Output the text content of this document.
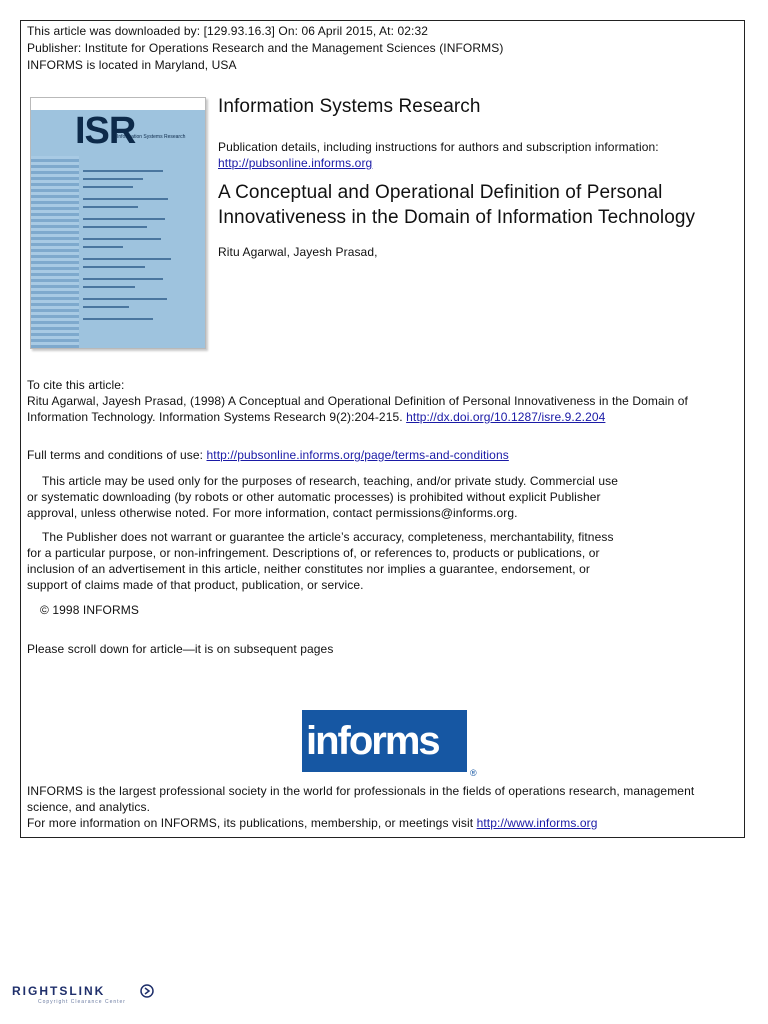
This article was downloaded by: [129.93.16.3] On: 06 April 2015, At: 02:32
Publisher: Institute for Operations Research and the Management Sciences (INFORMS)
INFORMS is located in Maryland, USA
ISR
Information Systems Research
Information Systems Research
Publication details, including instructions for authors and subscription information:
http://pubsonline.informs.org
A Conceptual and Operational Definition of Personal
Innovativeness in the Domain of Information Technology
Ritu Agarwal, Jayesh Prasad,
To cite this article:
Ritu Agarwal, Jayesh Prasad, (1998) A Conceptual and Operational Definition of Personal Innovativeness in the Domain of
Information Technology. Information Systems Research 9(2):204-215. http://dx.doi.org/10.1287/isre.9.2.204
Full terms and conditions of use: http://pubsonline.informs.org/page/terms-and-conditions
This article may be used only for the purposes of research, teaching, and/or private study. Commercial use
or systematic downloading (by robots or other automatic processes) is prohibited without explicit Publisher
approval, unless otherwise noted. For more information, contact permissions@informs.org.
The Publisher does not warrant or guarantee the article’s accuracy, completeness, merchantability, fitness
for a particular purpose, or non-infringement. Descriptions of, or references to, products or publications, or
inclusion of an advertisement in this article, neither constitutes nor implies a guarantee, endorsement, or
support of claims made of that product, publication, or service.
© 1998 INFORMS
Please scroll down for article—it is on subsequent pages
informs
®
INFORMS is the largest professional society in the world for professionals in the fields of operations research, management
science, and analytics.
For more information on INFORMS, its publications, membership, or meetings visit http://www.informs.org
RIGHTSLINK
Copyright Clearance Center
